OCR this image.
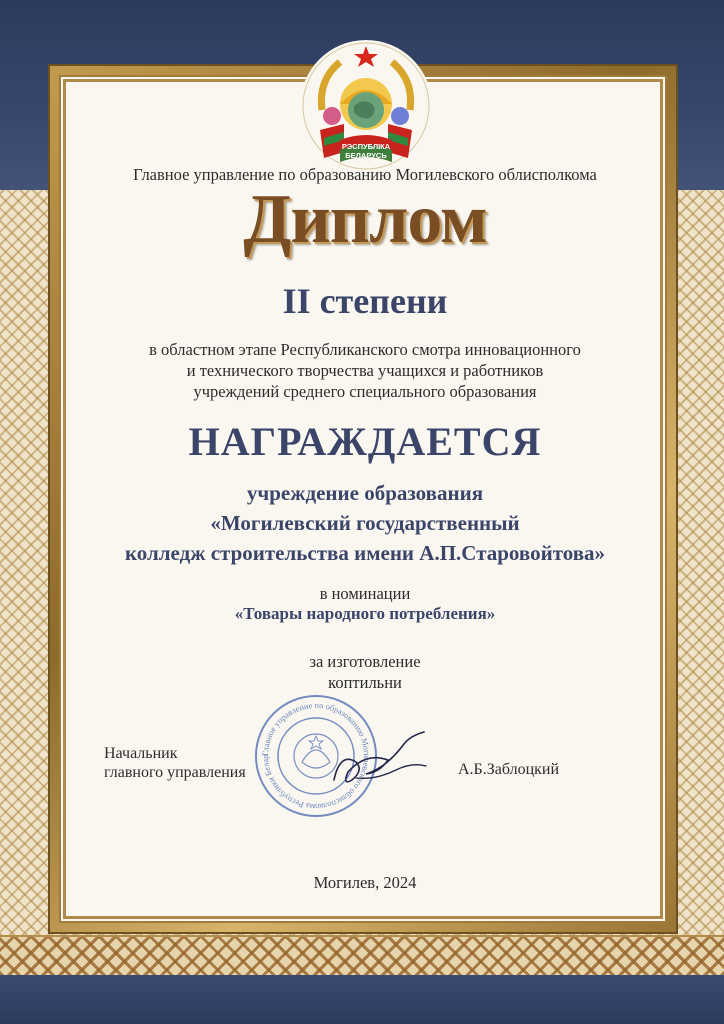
РЭСПУБЛІКА
БЕЛАРУСЬ
Главное управление по образованию Могилевского облисполкома
Диплом
II степени
в областном этапе Республиканского смотра инновационного
и технического творчества учащихся и работников
учреждений среднего специального образования
НАГРАЖДАЕТСЯ
учреждение образования
«Могилевский государственный
колледж строительства имени А.П.Старовойтова»
в номинации
«Товары народного потребления»
за изготовление
коптильни
Главное управление по образованию Могилевского облисполкома Республики Белар
Начальник
главного управления	А.Б.Заблоцкий
Могилев, 2024
